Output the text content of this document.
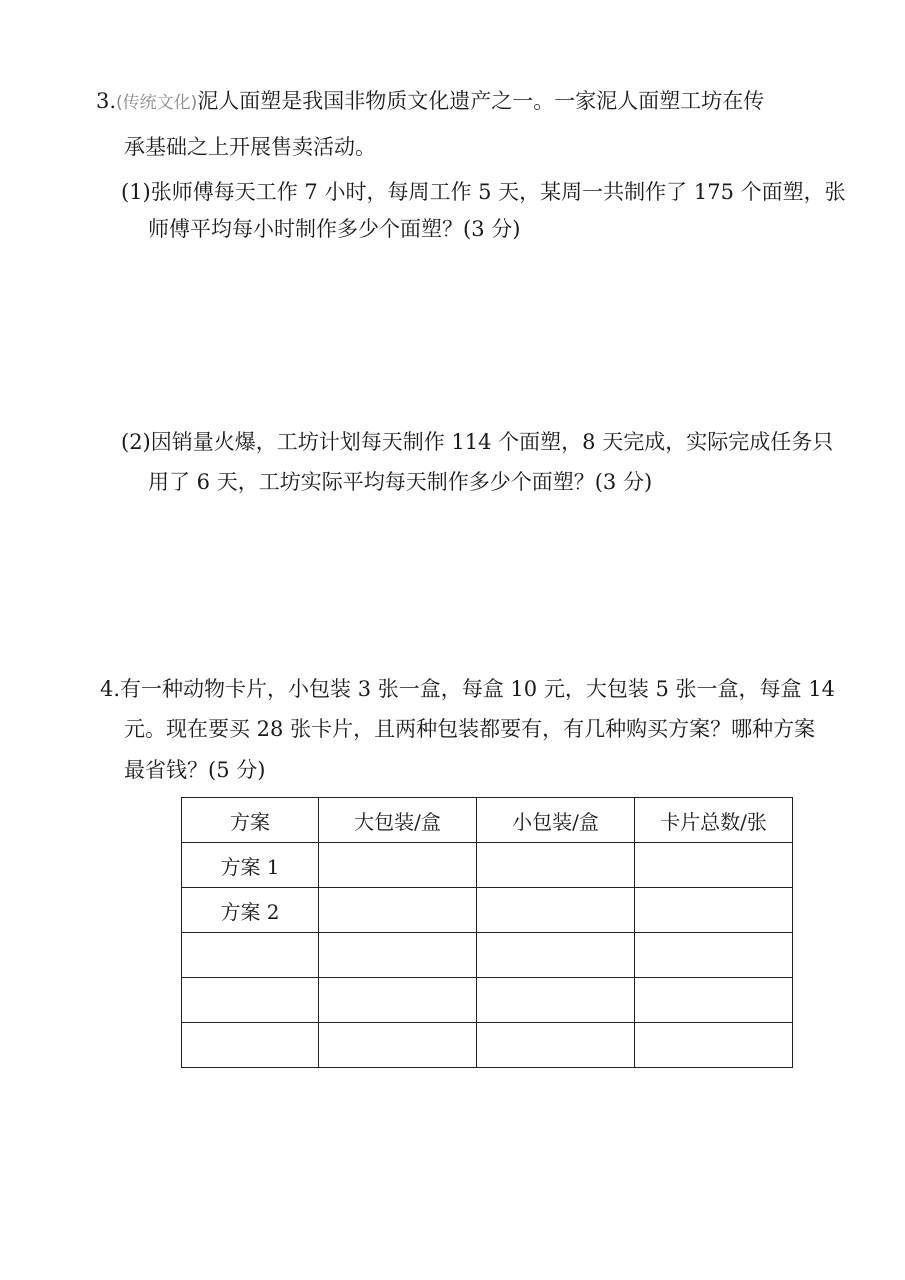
3.(传统文化)泥人面塑是我国非物质文化遗产之一。一家泥人面塑工坊在传
承基础之上开展售卖活动。
(1)张师傅每天工作 7 小时，每周工作 5 天，某周一共制作了 175 个面塑，张
师傅平均每小时制作多少个面塑？(3 分)
(2)因销量火爆，工坊计划每天制作 114 个面塑，8 天完成，实际完成任务只
用了 6 天，工坊实际平均每天制作多少个面塑？(3 分)
4.有一种动物卡片，小包装 3 张一盒，每盒 10 元，大包装 5 张一盒，每盒 14
元。现在要买 28 张卡片，且两种包装都要有，有几种购买方案？哪种方案
最省钱？(5 分)
方案	大包装/盒	小包装/盒	卡片总数/张
方案 1			
方案 2			
